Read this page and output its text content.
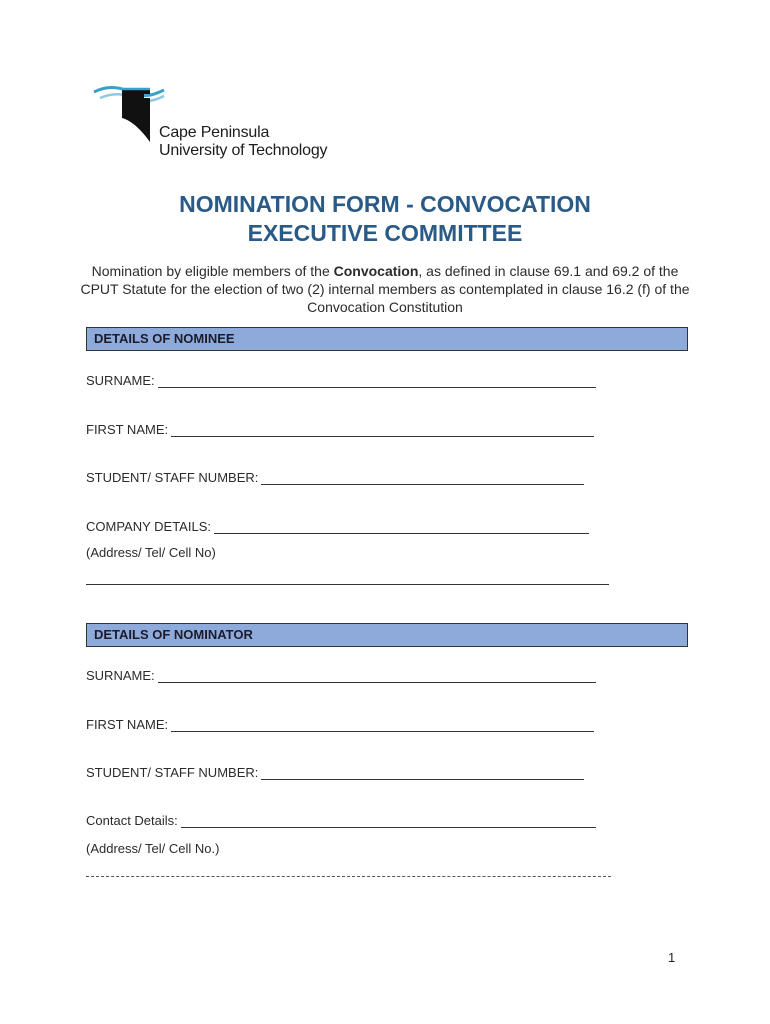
Cape Peninsula
University of Technology
NOMINATION FORM - CONVOCATION
EXECUTIVE COMMITTEE
Nomination by eligible members of the Convocation, as defined in clause 69.1 and 69.2 of the CPUT Statute for the election of two (2) internal members as contemplated in clause 16.2 (f) of the Convocation Constitution
DETAILS OF NOMINEE
SURNAME:
FIRST NAME:
STUDENT/ STAFF NUMBER:
COMPANY DETAILS:
(Address/ Tel/ Cell No)
DETAILS OF NOMINATOR
SURNAME:
FIRST NAME:
STUDENT/ STAFF NUMBER:
Contact Details:
(Address/ Tel/ Cell No.)
1
